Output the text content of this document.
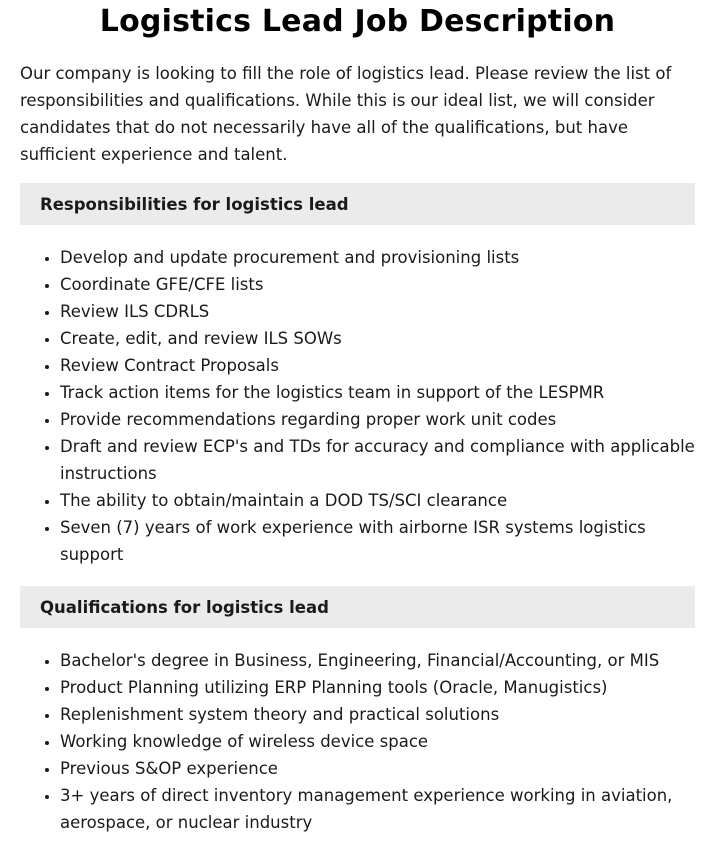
Logistics Lead Job Description

Our company is looking to fill the role of logistics lead. Please review the list of responsibilities and qualifications. While this is our ideal list, we will consider candidates that do not necessarily have all of the qualifications, but have sufficient experience and talent.

Responsibilities for logistics lead
• Develop and update procurement and provisioning lists
• Coordinate GFE/CFE lists
• Review ILS CDRLS
• Create, edit, and review ILS SOWs
• Review Contract Proposals
• Track action items for the logistics team in support of the LESPMR
• Provide recommendations regarding proper work unit codes
• Draft and review ECP's and TDs for accuracy and compliance with applicable instructions
• The ability to obtain/maintain a DOD TS/SCI clearance
• Seven (7) years of work experience with airborne ISR systems logistics support
Qualifications for logistics lead
• Bachelor's degree in Business, Engineering, Financial/Accounting, or MIS
• Product Planning utilizing ERP Planning tools (Oracle, Manugistics)
• Replenishment system theory and practical solutions
• Working knowledge of wireless device space
• Previous S&OP experience
• 3+ years of direct inventory management experience working in aviation, aerospace, or nuclear industry
